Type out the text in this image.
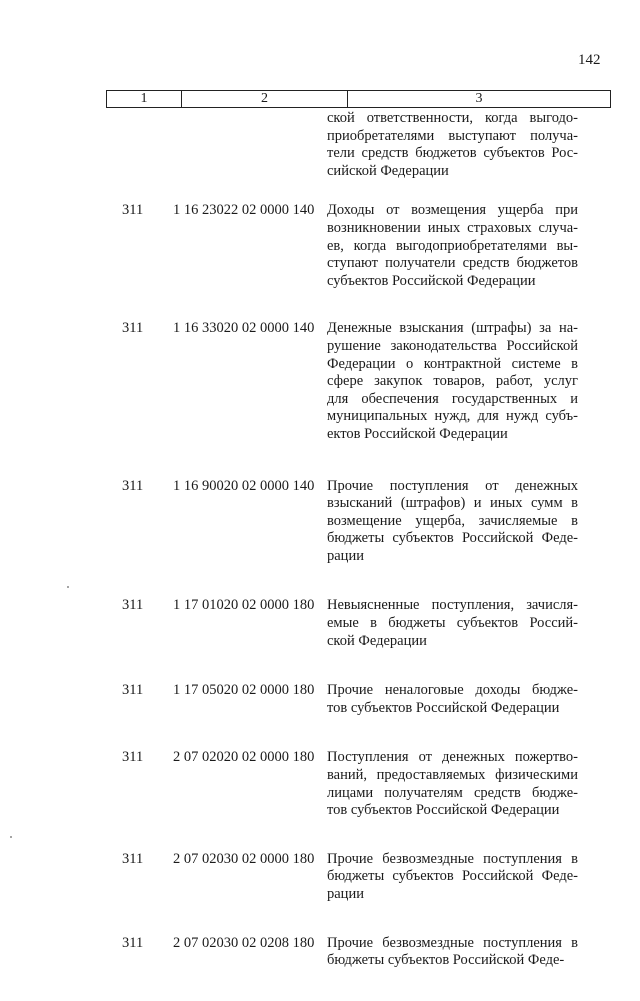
142
1	2	3
ской ответственности, когда выгодо-
приобретателями выступают получа-
тели средств бюджетов субъектов Рос-
сийской Федерации
311	1 16 23022 02 0000 140 Доходы от возмещения ущерба при
возникновении иных страховых случа-
ев, когда выгодоприобретателями вы-
ступают получатели средств бюджетов
субъектов Российской Федерации
311	1 16 33020 02 0000 140 Денежные взыскания (штрафы) за на-
рушение законодательства Российской
Федерации о контрактной системе в
сфере закупок товаров, работ, услуг
для обеспечения государственных и
муниципальных нужд, для нужд субъ-
ектов Российской Федерации
311	1 16 90020 02 0000 140 Прочие поступления от денежных
взысканий (штрафов) и иных сумм в
возмещение ущерба, зачисляемые в
бюджеты субъектов Российской Феде-
рации
311	1 17 01020 02 0000 180 Невыясненные поступления, зачисля-
емые в бюджеты субъектов Россий-
ской Федерации
311	1 17 05020 02 0000 180 Прочие неналоговые доходы бюдже-
тов субъектов Российской Федерации
311	2 07 02020 02 0000 180 Поступления от денежных пожертво-
ваний, предоставляемых физическими
лицами получателям средств бюдже-
тов субъектов Российской Федерации
311	2 07 02030 02 0000 180 Прочие безвозмездные поступления в
бюджеты субъектов Российской Феде-
рации
311	2 07 02030 02 0208 180 Прочие безвозмездные поступления в
бюджеты субъектов Российской Феде-
